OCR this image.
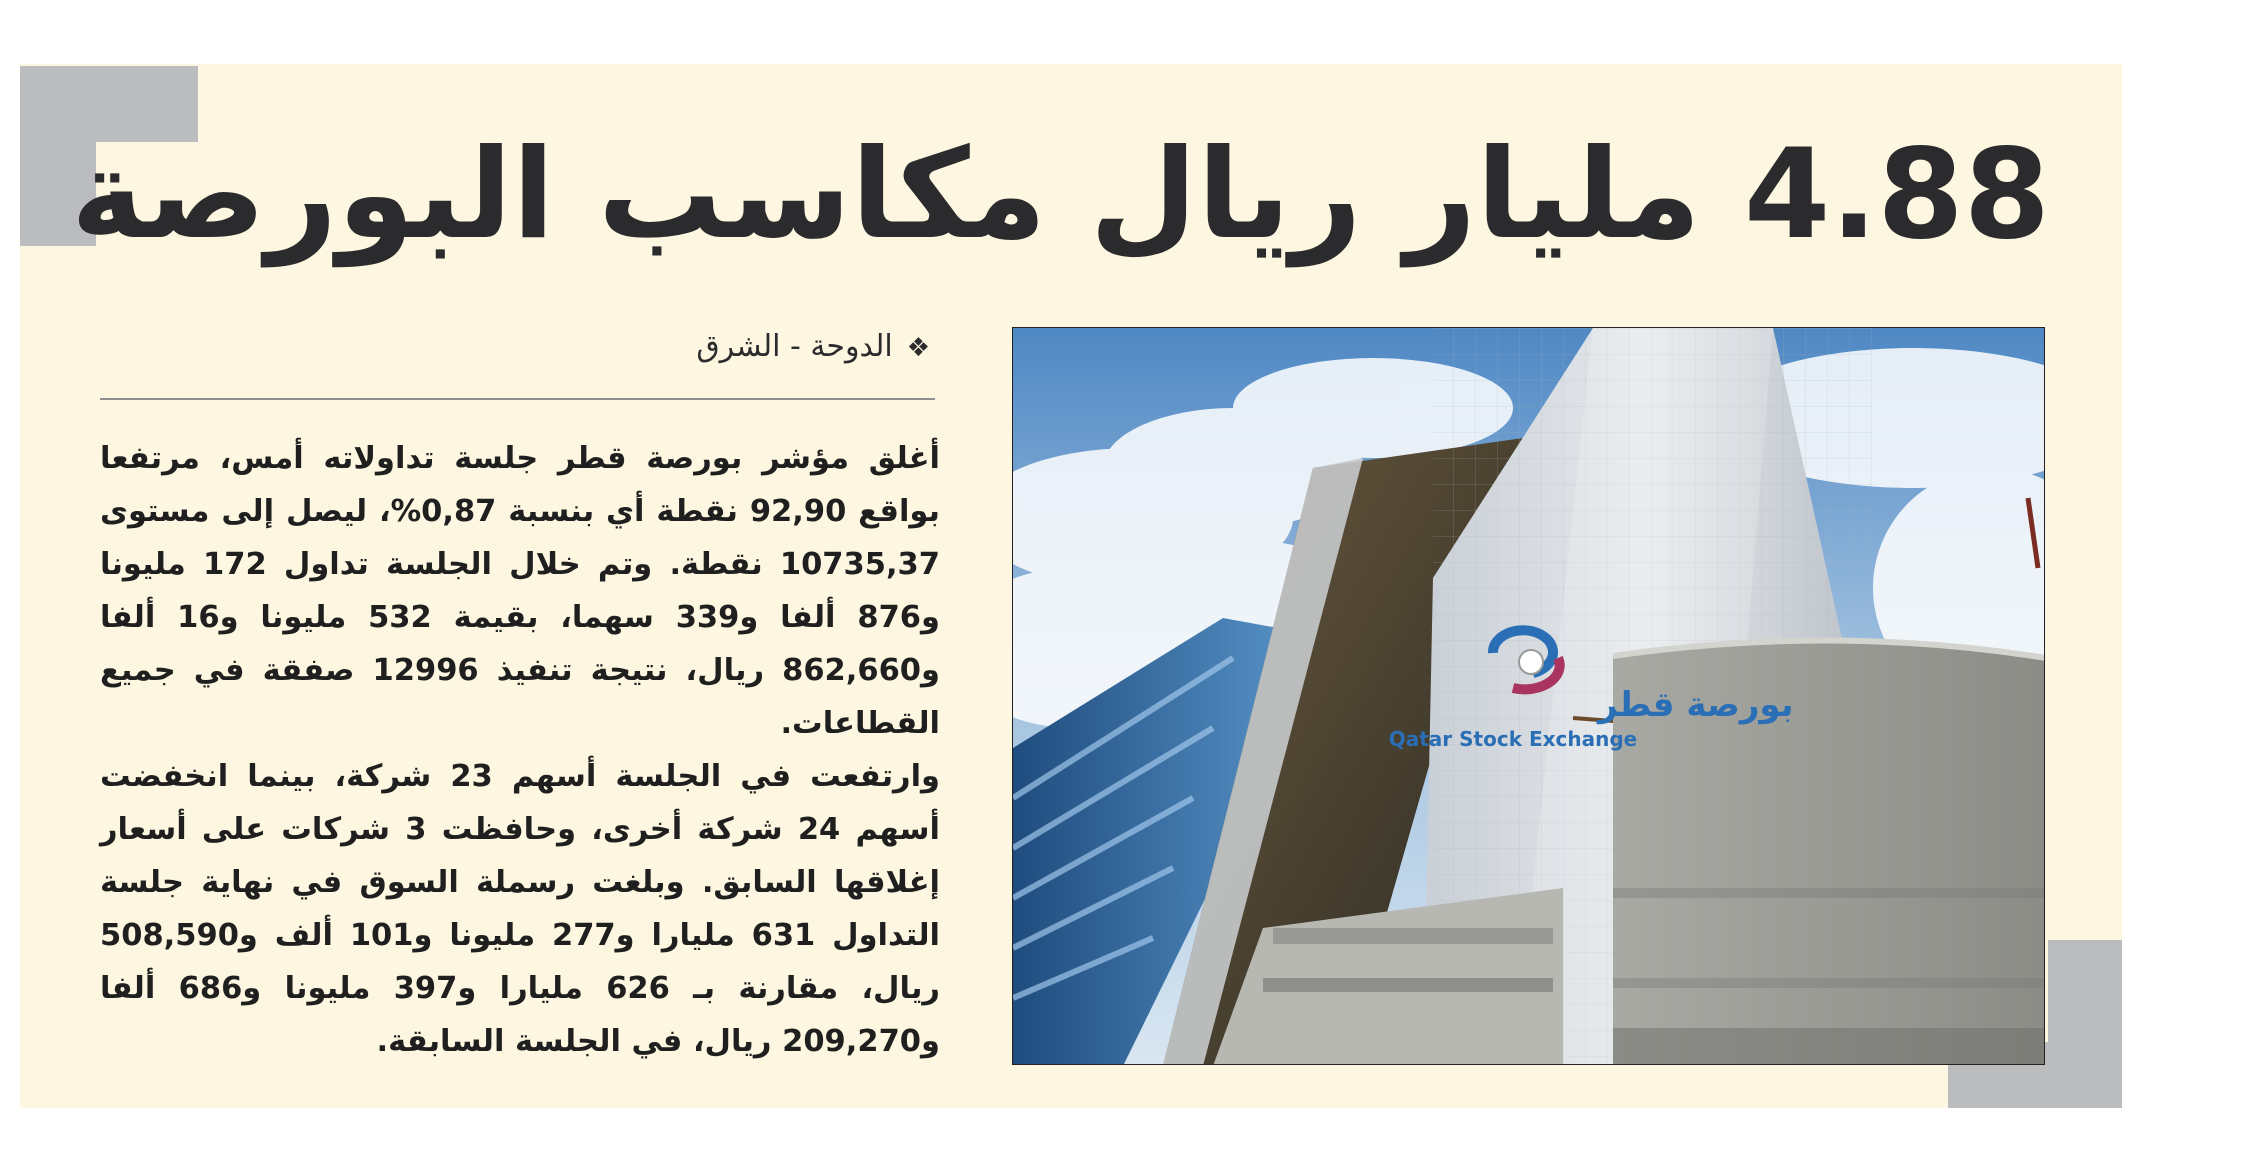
4.88 مليار ريال مكاسب البورصة
❖الدوحة - الشرق

أغلق مؤشر بورصة قطر جلسة تداولاته أمس، مرتفعا بواقع 92,90 نقطة أي بنسبة 0,87%، ليصل إلى مستوى 10735,37 نقطة. وتم خلال الجلسة تداول 172 مليونا و876 ألفا و339 سهما، بقيمة 532 مليونا و16 ألفا و862,660 ريال، نتيجة تنفيذ 12996 صفقة في جميع القطاعات.

وارتفعت في الجلسة أسهم 23 شركة، بينما انخفضت أسهم 24 شركة أخرى، وحافظت 3 شركات على أسعار إغلاقها السابق. وبلغت رسملة السوق في نهاية جلسة التداول 631 مليارا و277 مليونا و101 ألف و508,590 ريال، مقارنة بـ 626 مليارا و397 مليونا و686 ألفا و209,270 ريال، في الجلسة السابقة.

بورصة قطر
Qatar Stock Exchange
